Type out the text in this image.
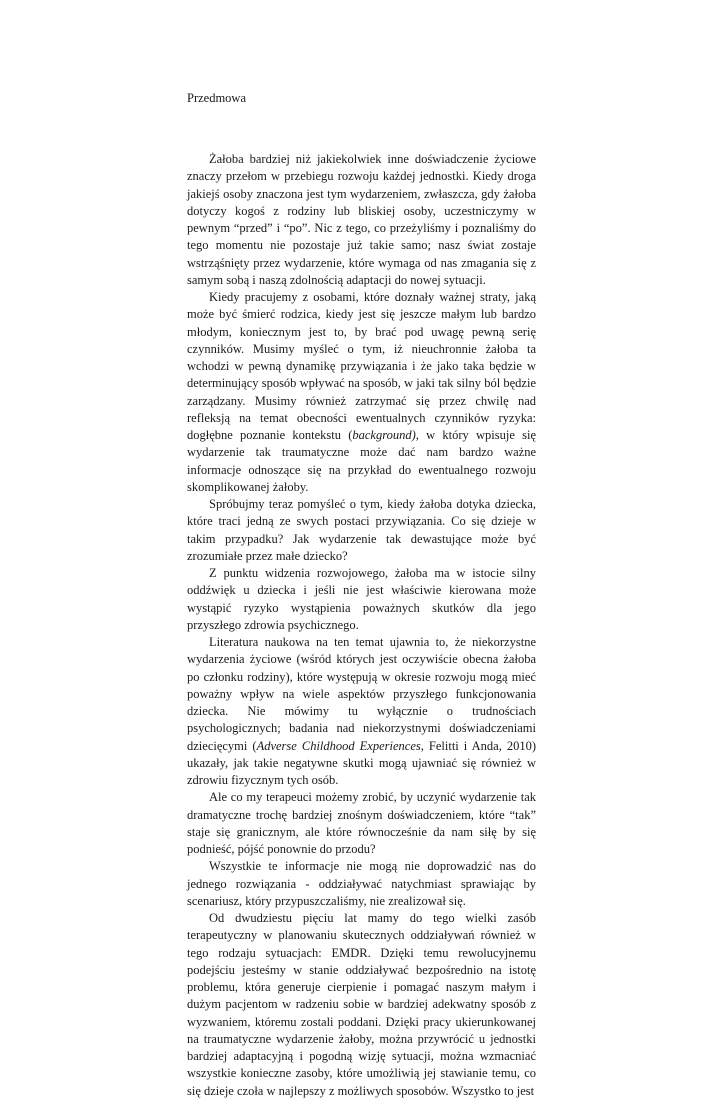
Przedmowa

Żałoba bardziej niż jakiekolwiek inne doświadczenie życiowe znaczy przełom w przebiegu rozwoju każdej jednostki. Kiedy droga jakiejś osoby znaczona jest tym wydarzeniem, zwłaszcza, gdy żałoba dotyczy kogoś z rodziny lub bliskiej osoby, uczestniczymy w pewnym “przed” i “po”. Nic z tego, co przeżyliśmy i poznaliśmy do tego momentu nie pozostaje już takie samo; nasz świat zostaje wstrząśnięty przez wydarzenie, które wymaga od nas zmagania się z samym sobą i naszą zdolnością adaptacji do nowej sytuacji.

Kiedy pracujemy z osobami, które doznały ważnej straty, jaką może być śmierć rodzica, kiedy jest się jeszcze małym lub bardzo młodym, koniecznym jest to, by brać pod uwagę pewną serię czynników. Musimy myśleć o tym, iż nieuchronnie żałoba ta wchodzi w pewną dynamikę przywiązania i że jako taka będzie w determinujący sposób wpływać na sposób, w jaki tak silny ból będzie zarządzany. Musimy również zatrzymać się przez chwilę nad refleksją na temat obecności ewentualnych czynników ryzyka: dogłębne poznanie kontekstu (background), w który wpisuje się wydarzenie tak traumatyczne może dać nam bardzo ważne informacje odnoszące się na przykład do ewentualnego rozwoju skomplikowanej żałoby.

Spróbujmy teraz pomyśleć o tym, kiedy żałoba dotyka dziecka, które traci jedną ze swych postaci przywiązania. Co się dzieje w takim przypadku? Jak wydarzenie tak dewastujące może być zrozumiałe przez małe dziecko?

Z punktu widzenia rozwojowego, żałoba ma w istocie silny oddźwięk u dziecka i jeśli nie jest właściwie kierowana może wystąpić ryzyko wystąpienia poważnych skutków dla jego przyszłego zdrowia psychicznego.

Literatura naukowa na ten temat ujawnia to, że niekorzystne wydarzenia życiowe (wśród których jest oczywiście obecna żałoba po członku rodziny), które występują w okresie rozwoju mogą mieć poważny wpływ na wiele aspektów przyszłego funkcjonowania dziecka. Nie mówimy tu wyłącznie o trudnościach psychologicznych; badania nad niekorzystnymi doświadczeniami dziecięcymi (Adverse Childhood Experiences, Felitti i Anda, 2010) ukazały, jak takie negatywne skutki mogą ujawniać się również w zdrowiu fizycznym tych osób.

Ale co my terapeuci możemy zrobić, by uczynić wydarzenie tak dramatyczne trochę bardziej znośnym doświadczeniem, które “tak” staje się granicznym, ale które równocześnie da nam siłę by się podnieść, pójść ponownie do przodu?

Wszystkie te informacje nie mogą nie doprowadzić nas do jednego rozwiązania - oddziaływać natychmiast sprawiając by scenariusz, który przypuszczaliśmy, nie zrealizował się.

Od dwudziestu pięciu lat mamy do tego wielki zasób terapeutyczny w planowaniu skutecznych oddziaływań również w tego rodzaju sytuacjach: EMDR. Dzięki temu rewolucyjnemu podejściu jesteśmy w stanie oddziaływać bezpośrednio na istotę problemu, która generuje cierpienie i pomagać naszym małym i dużym pacjentom w radzeniu sobie w bardziej adekwatny sposób z wyzwaniem, któremu zostali poddani. Dzięki pracy ukierunkowanej na traumatyczne wydarzenie żałoby, można przywrócić u jednostki bardziej adaptacyjną i pogodną wizję sytuacji, można wzmacniać wszystkie konieczne zasoby, które umożliwią jej stawianie temu, co się dzieje czoła w najlepszy z możliwych sposobów. Wszystko to jest
